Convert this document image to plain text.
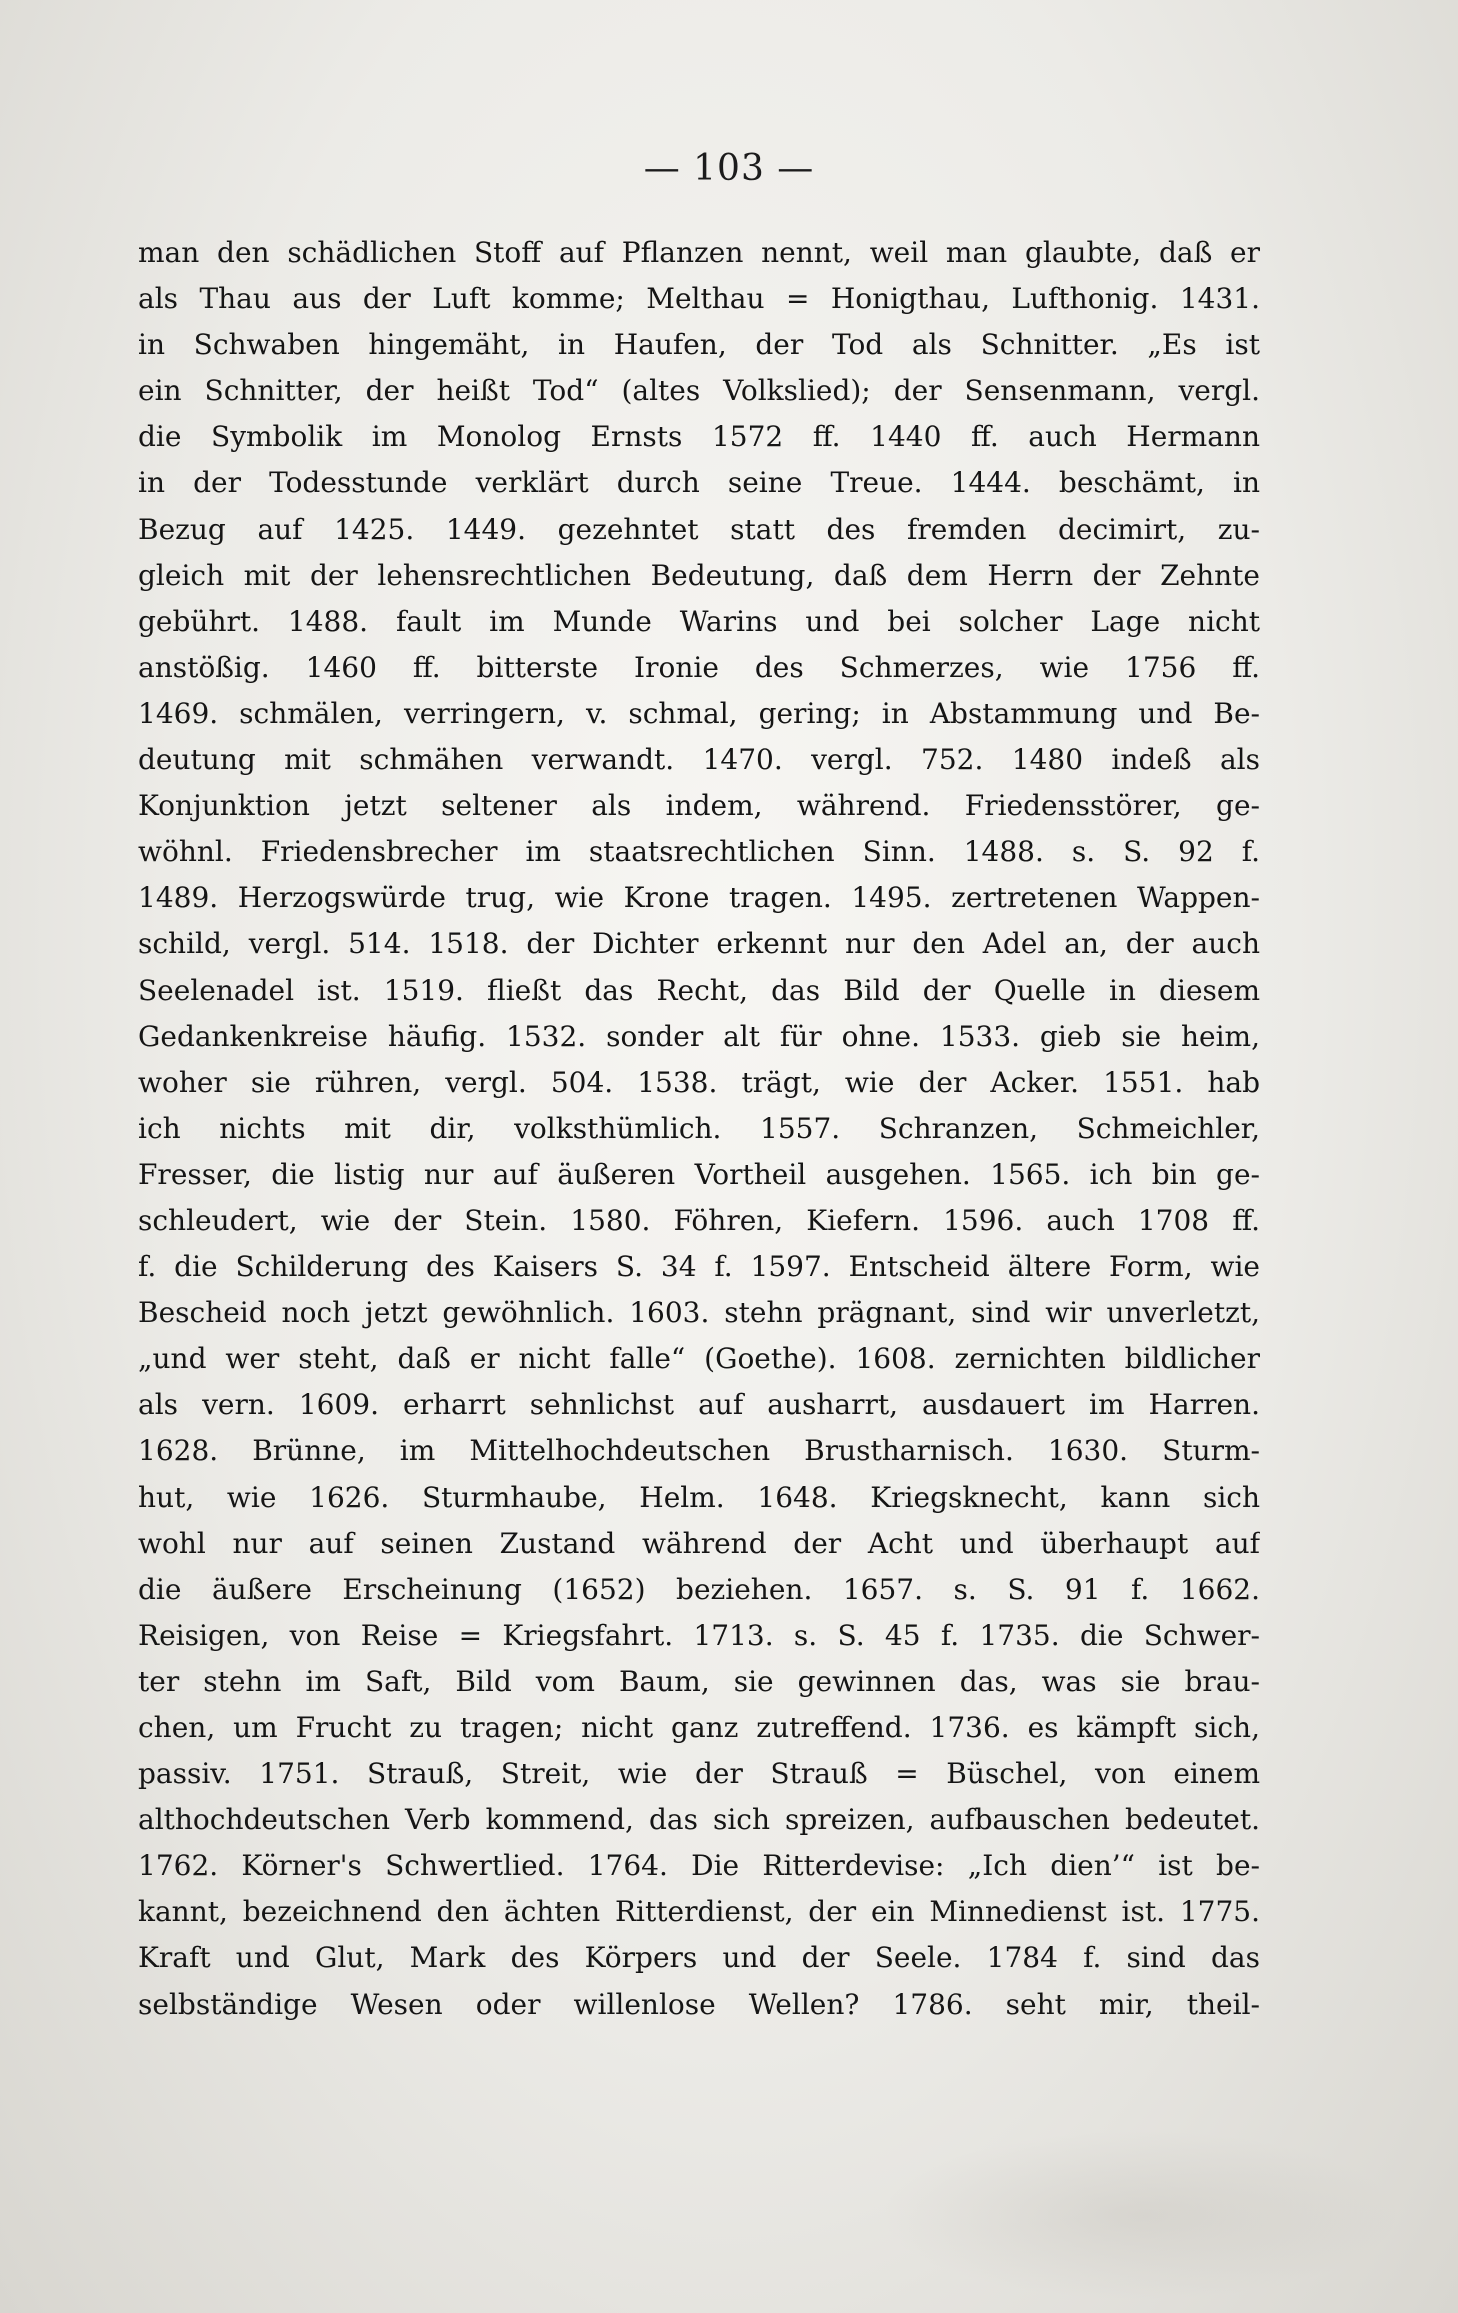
— 103 —
man den schädlichen Stoff auf Pflanzen nennt, weil man glaubte, daß er
als Thau aus der Luft komme; Melthau = Honigthau, Lufthonig. 1431.
in Schwaben hingemäht, in Haufen, der Tod als Schnitter. „Es ist
ein Schnitter, der heißt Tod“ (altes Volkslied); der Sensenmann, vergl.
die Symbolik im Monolog Ernsts 1572 ff. 1440 ff. auch Hermann
in der Todesstunde verklärt durch seine Treue. 1444. beschämt, in
Bezug auf 1425. 1449. gezehntet statt des fremden decimirt, zu-
gleich mit der lehensrechtlichen Bedeutung, daß dem Herrn der Zehnte
gebührt. 1488. fault im Munde Warins und bei solcher Lage nicht
anstößig. 1460 ff. bitterste Ironie des Schmerzes, wie 1756 ff.
1469. schmälen, verringern, v. schmal, gering; in Abstammung und Be-
deutung mit schmähen verwandt. 1470. vergl. 752. 1480 indeß als
Konjunktion jetzt seltener als indem, während. Friedensstörer, ge-
wöhnl. Friedensbrecher im staatsrechtlichen Sinn. 1488. s. S. 92 f.
1489. Herzogswürde trug, wie Krone tragen. 1495. zertretenen Wappen-
schild, vergl. 514. 1518. der Dichter erkennt nur den Adel an, der auch
Seelenadel ist. 1519. fließt das Recht, das Bild der Quelle in diesem
Gedankenkreise häufig. 1532. sonder alt für ohne. 1533. gieb sie heim,
woher sie rühren, vergl. 504. 1538. trägt, wie der Acker. 1551. hab
ich nichts mit dir, volksthümlich. 1557. Schranzen, Schmeichler,
Fresser, die listig nur auf äußeren Vortheil ausgehen. 1565. ich bin ge-
schleudert, wie der Stein. 1580. Föhren, Kiefern. 1596. auch 1708 ff.
f. die Schilderung des Kaisers S. 34 f. 1597. Entscheid ältere Form, wie
Bescheid noch jetzt gewöhnlich. 1603. stehn prägnant, sind wir unverletzt,
„und wer steht, daß er nicht falle“ (Goethe). 1608. zernichten bildlicher
als vern. 1609. erharrt sehnlichst auf ausharrt, ausdauert im Harren.
1628. Brünne, im Mittelhochdeutschen Brustharnisch. 1630. Sturm-
hut, wie 1626. Sturmhaube, Helm. 1648. Kriegsknecht, kann sich
wohl nur auf seinen Zustand während der Acht und überhaupt auf
die äußere Erscheinung (1652) beziehen. 1657. s. S. 91 f. 1662.
Reisigen, von Reise = Kriegsfahrt. 1713. s. S. 45 f. 1735. die Schwer-
ter stehn im Saft, Bild vom Baum, sie gewinnen das, was sie brau-
chen, um Frucht zu tragen; nicht ganz zutreffend. 1736. es kämpft sich,
passiv. 1751. Strauß, Streit, wie der Strauß = Büschel, von einem
althochdeutschen Verb kommend, das sich spreizen, aufbauschen bedeutet.
1762. Körner's Schwertlied. 1764. Die Ritterdevise: „Ich dien’“ ist be-
kannt, bezeichnend den ächten Ritterdienst, der ein Minnedienst ist. 1775.
Kraft und Glut, Mark des Körpers und der Seele. 1784 f. sind das
selbständige Wesen oder willenlose Wellen? 1786. seht mir, theil-
